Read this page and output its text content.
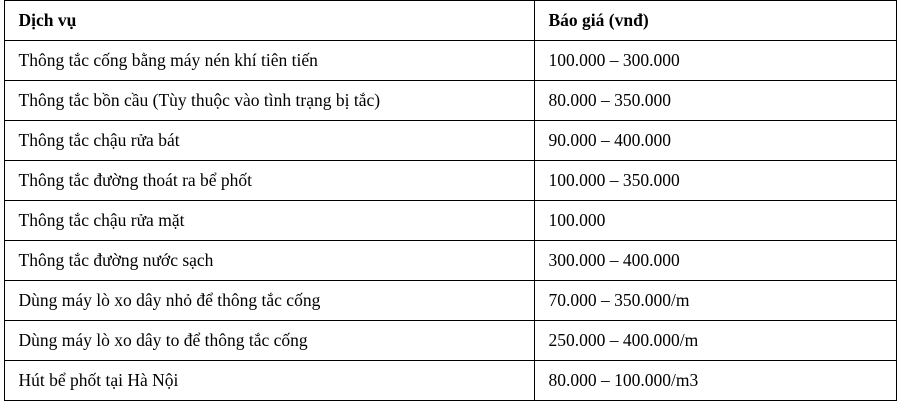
Dịch vụ	Báo giá (vnđ)
Thông tắc cống bằng máy nén khí tiên tiến	100.000 – 300.000
Thông tắc bồn cầu (Tùy thuộc vào tình trạng bị tắc)	80.000 – 350.000
Thông tắc chậu rửa bát	90.000 – 400.000
Thông tắc đường thoát ra bể phốt	100.000 – 350.000
Thông tắc chậu rửa mặt	100.000
Thông tắc đường nước sạch	300.000 – 400.000
Dùng máy lò xo dây nhỏ để thông tắc cống	70.000 – 350.000/m
Dùng máy lò xo dây to để thông tắc cống	250.000 – 400.000/m
Hút bể phốt tại Hà Nội	80.000 – 100.000/m3
